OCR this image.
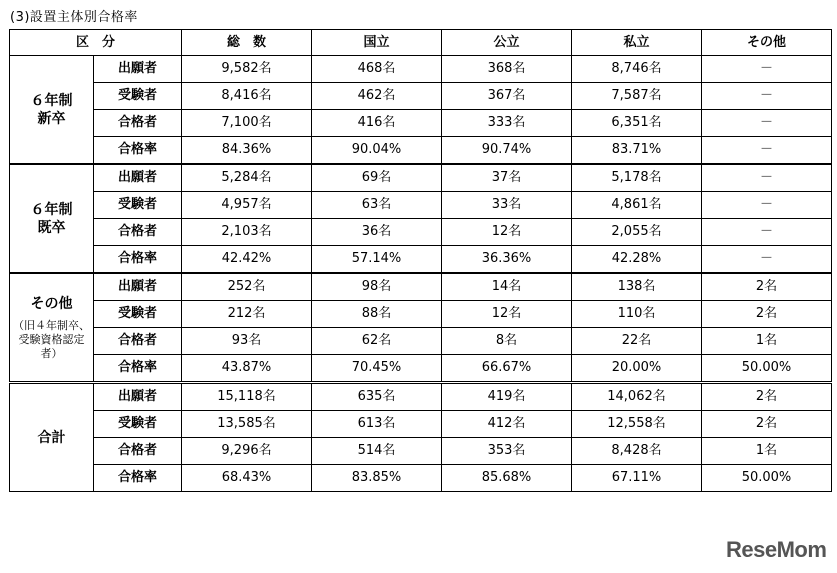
(3)設置主体別合格率
区　分		総　数	国立	公立	私立	その他

６年制
新卒	出願者	9,582名	468名	368名	8,746名	－
	受験者	8,416名	462名	367名	7,587名	－
	合格者	7,100名	416名	333名	6,351名	－
	合格率	84.36%	90.04%	90.74%	83.71%	－

６年制
既卒	出願者	5,284名	69名	37名	5,178名	－
	受験者	4,957名	63名	33名	4,861名	－
	合格者	2,103名	36名	12名	2,055名	－
	合格率	42.42%	57.14%	36.36%	42.28%	－

その他
（旧４年制卒、受験資格認定者）	出願者	252名	98名	14名	138名	2名
	受験者	212名	88名	12名	110名	2名
	合格者	93名	62名	8名	22名	1名
	合格率	43.87%	70.45%	66.67%	20.00%	50.00%

合計	出願者	15,118名	635名	419名	14,062名	2名
	受験者	13,585名	613名	412名	12,558名	2名
	合格者	9,296名	514名	353名	8,428名	1名
	合格率	68.43%	83.85%	85.68%	67.11%	50.00%
ReseMom
